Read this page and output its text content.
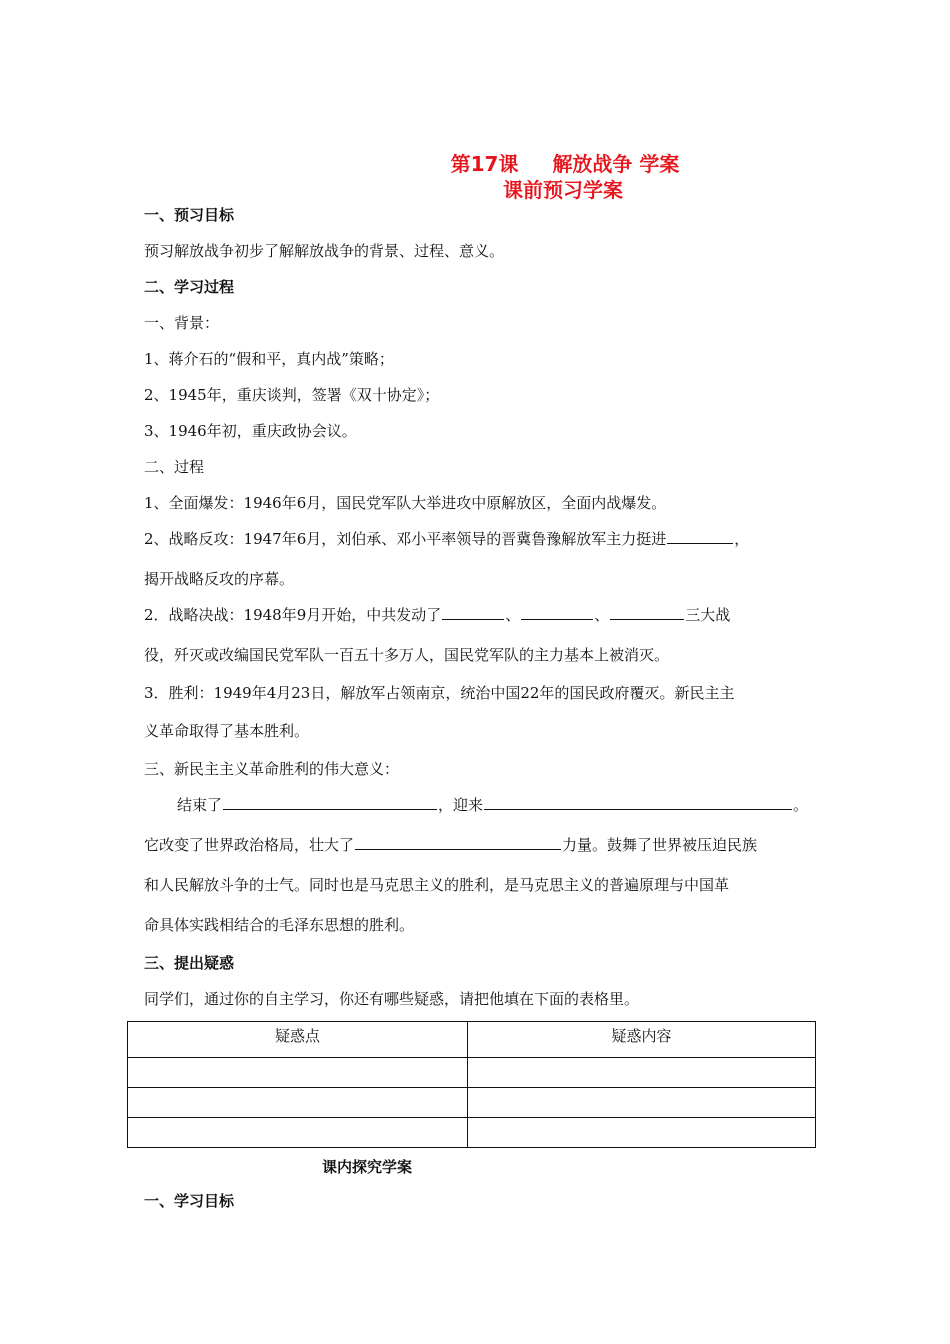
第17课 解放战争 学案
课前预习学案
一、预习目标
预习解放战争初步了解解放战争的背景、过程、意义。
二、学习过程
一、背景：
1、蒋介石的“假和平，真内战”策略；
2、1945年，重庆谈判，签署《双十协定》；
3、1946年初，重庆政协会议。
二、过程
1、全面爆发：1946年6月，国民党军队大举进攻中原解放区，全面内战爆发。
2、战略反攻：1947年6月，刘伯承、邓小平率领导的晋冀鲁豫解放军主力挺进	，
揭开战略反攻的序幕。
2．战略决战：1948年9月开始，中共发动了	、	、	三大战
役，歼灭或改编国民党军队一百五十多万人，国民党军队的主力基本上被消灭。
3．胜利：1949年4月23日，解放军占领南京，统治中国22年的国民政府覆灭。新民主主
义革命取得了基本胜利。
三、新民主主义革命胜利的伟大意义：
结束了	，迎来	。
它改变了世界政治格局，壮大了	力量。鼓舞了世界被压迫民族
和人民解放斗争的士气。同时也是马克思主义的胜利，是马克思主义的普遍原理与中国革
命具体实践相结合的毛泽东思想的胜利。
三、提出疑惑
同学们，通过你的自主学习，你还有哪些疑惑，请把他填在下面的表格里。
疑惑点	疑惑内容

课内探究学案
一、学习目标
